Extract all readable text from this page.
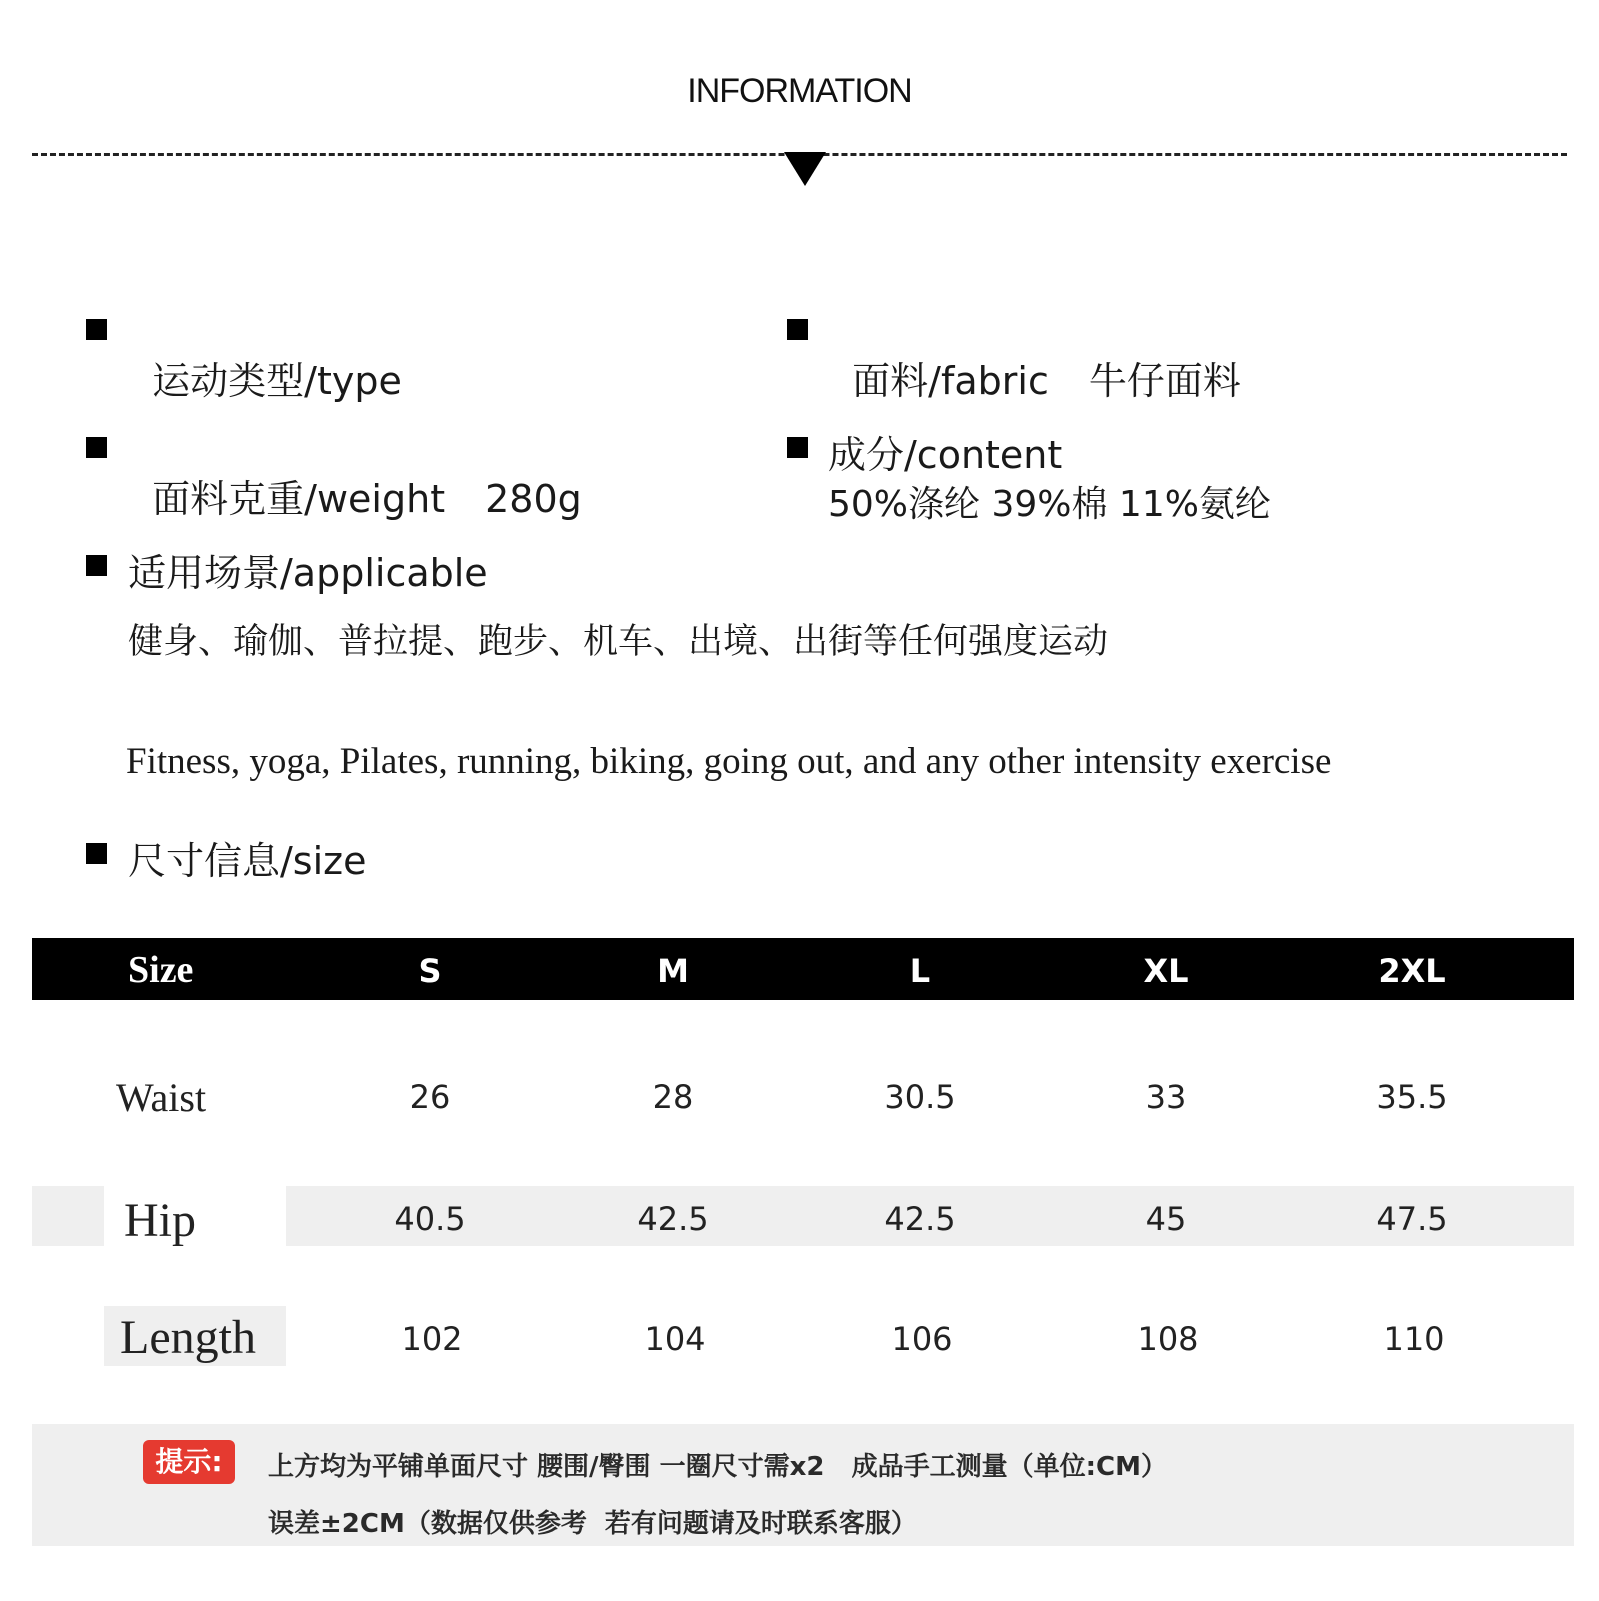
INFORMATION

运动类型/type	面料/fabric 牛仔面料

面料克重/weight 280g

成分/content
50%涤纶 39%棉 11%氨纶
适用场景/applicable
健身、瑜伽、普拉提、跑步、机车、出境、出街等任何强度运动
Fitness, yoga, Pilates, running, biking, going out, and any other intensity exercise
尺寸信息/size
Size	S	M	L	XL	2XL
Waist	26	28	30.5	33	35.5
Hip	40.5	42.5	42.5	45	47.5
Length	102	104	106	108	110
提示:	上方均为平铺单面尺寸 腰围/臀围 一圈尺寸需x2   成品手工测量（单位:CM）
误差±2CM（数据仅供参考  若有问题请及时联系客服）
